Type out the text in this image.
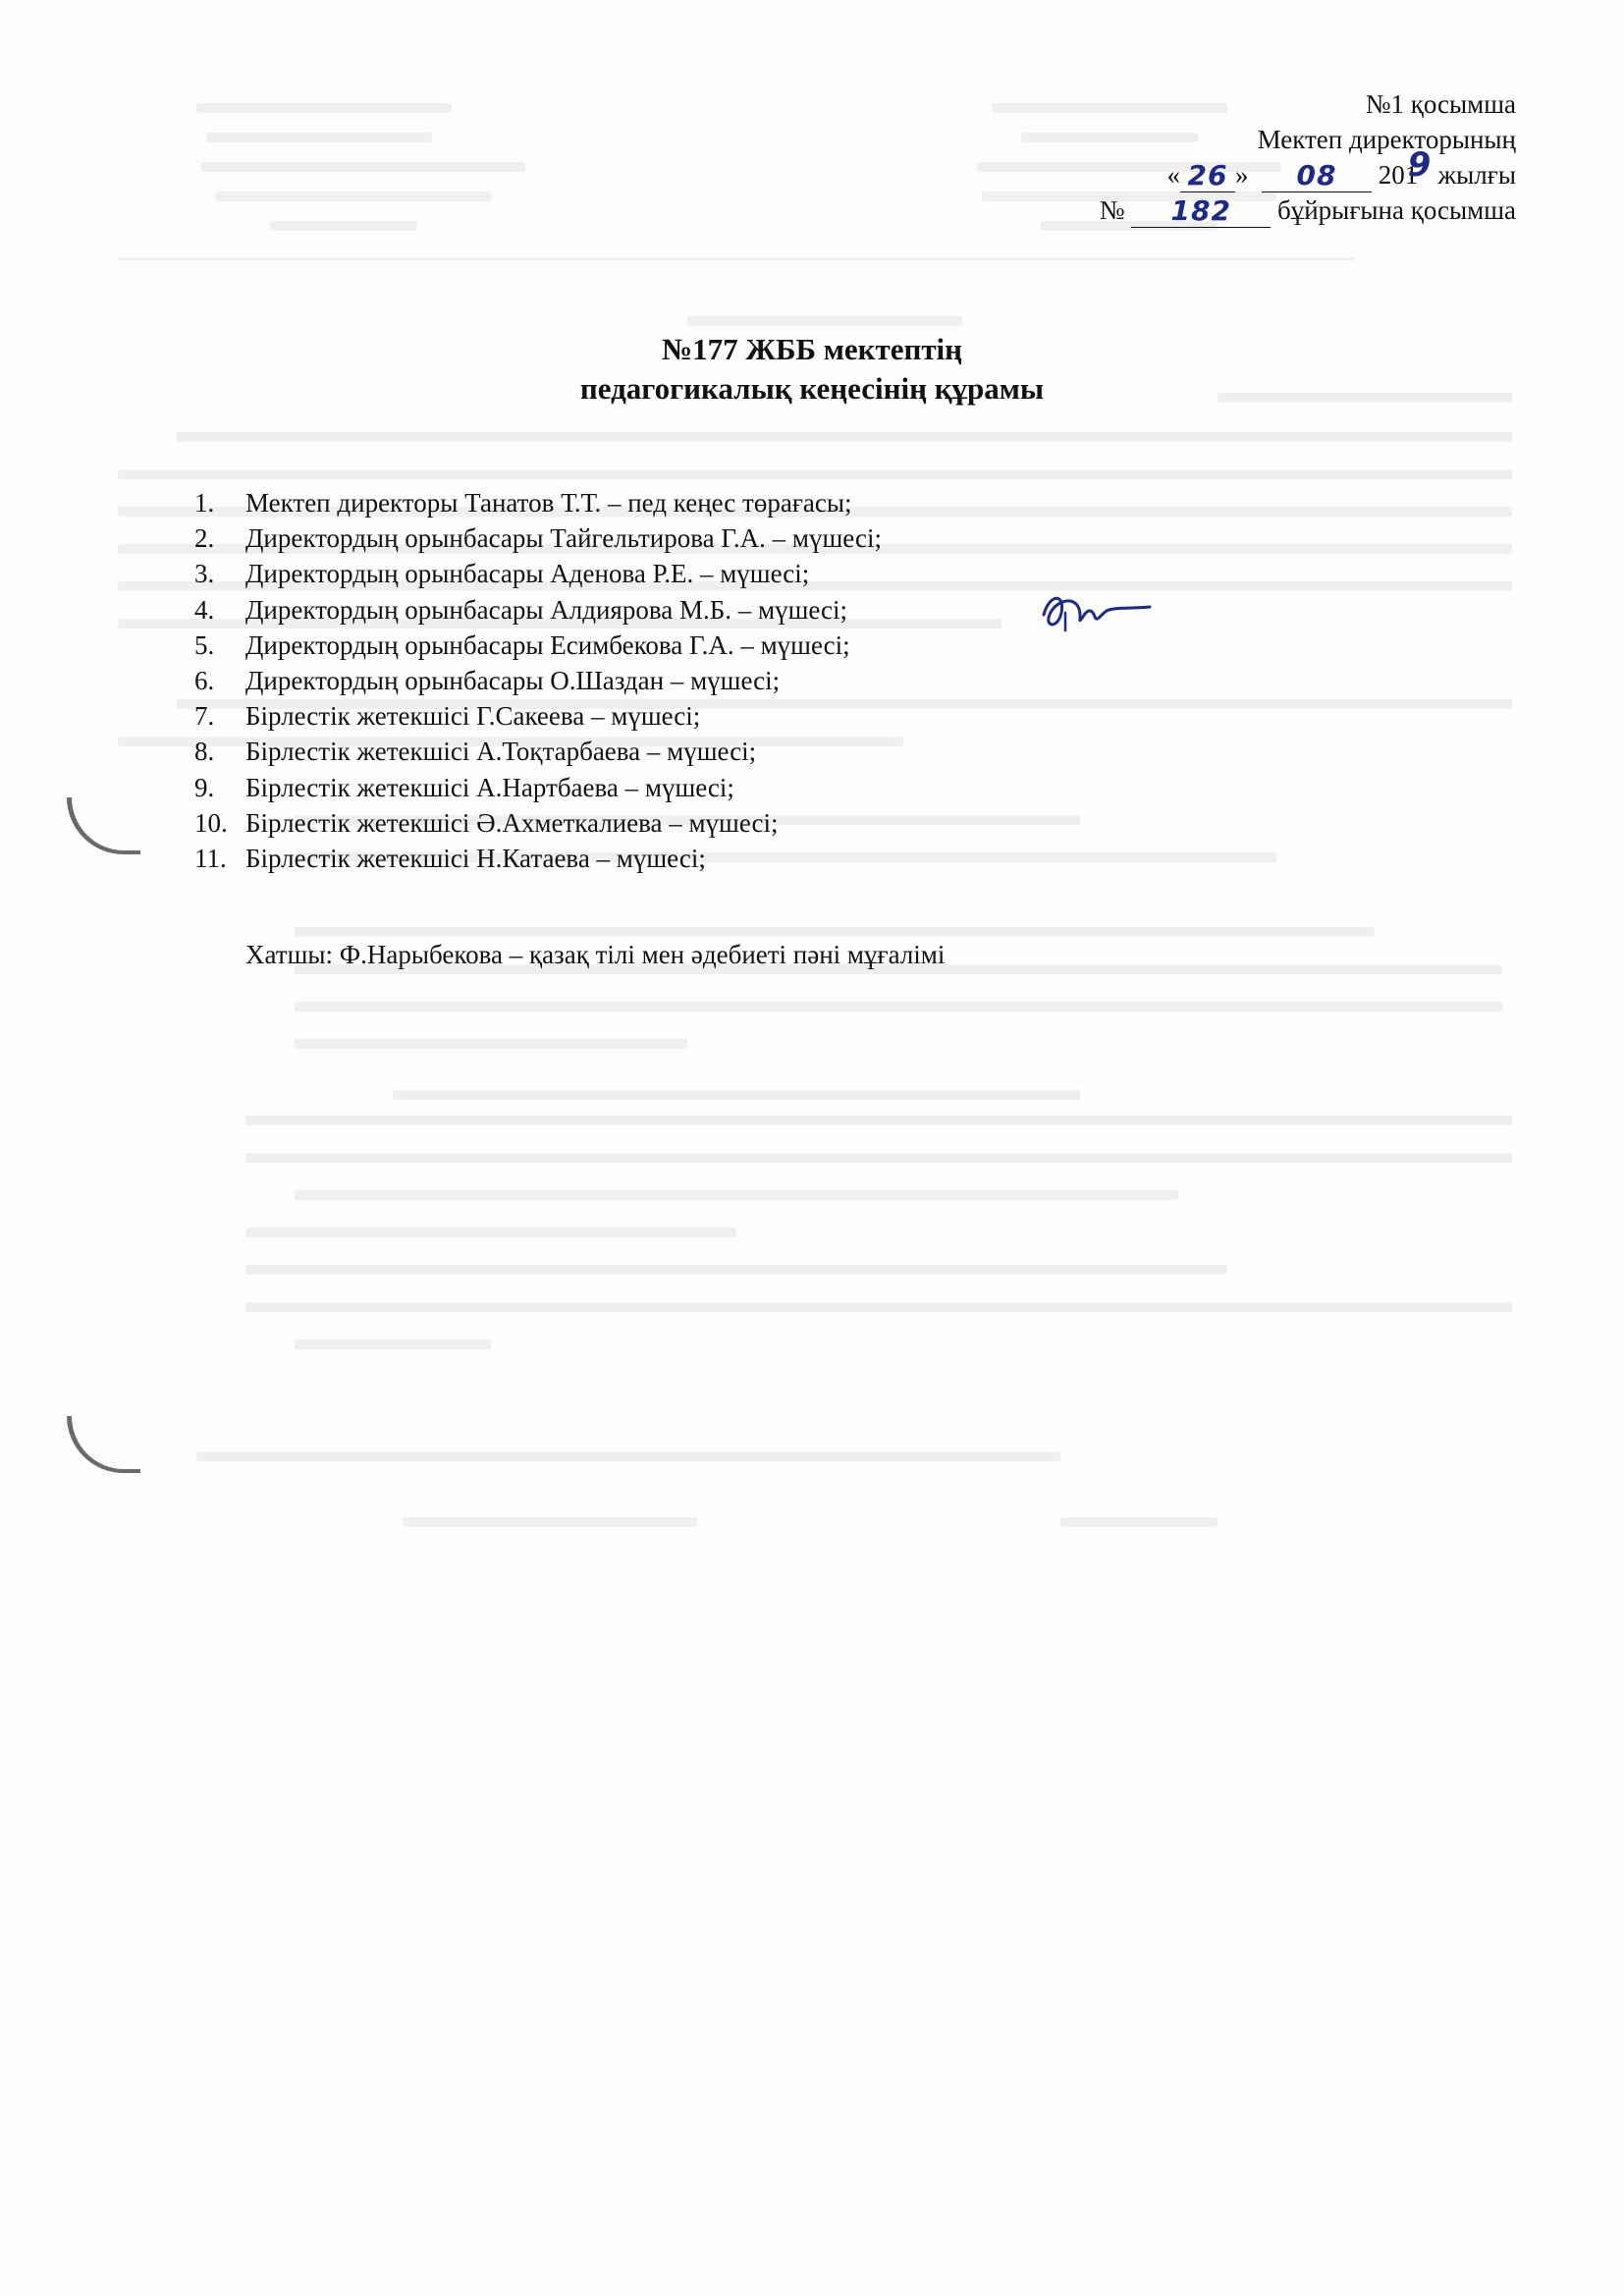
№1 қосымша
Мектеп директорының
« 26 » 08 201
9 жылғы
№ 182 бұйрығына қосымша
№177 ЖББ мектептің
педагогикалық кеңесінің құрамы
1. Мектеп директоры Танатов Т.Т. – пед кеңес төрағасы;
2. Директордың орынбасары Тайгельтирова Г.А. – мүшесі;
3. Директордың орынбасары Аденова Р.Е. – мүшесі;
4. Директордың орынбасары Алдиярова М.Б. – мүшесі;
5. Директордың орынбасары Есимбекова Г.А. – мүшесі;
6. Директордың орынбасары О.Шаздан – мүшесі;
7. Бірлестік жетекшісі Г.Сакеева – мүшесі;
8. Бірлестік жетекшісі А.Тоқтарбаева – мүшесі;
9. Бірлестік жетекшісі А.Нартбаева – мүшесі;
10. Бірлестік жетекшісі Ә.Ахметкалиева – мүшесі;
11. Бірлестік жетекшісі Н.Катаева – мүшесі;
Хатшы: Ф.Нарыбекова – қазақ тілі мен әдебиеті пәні мұғалімі
